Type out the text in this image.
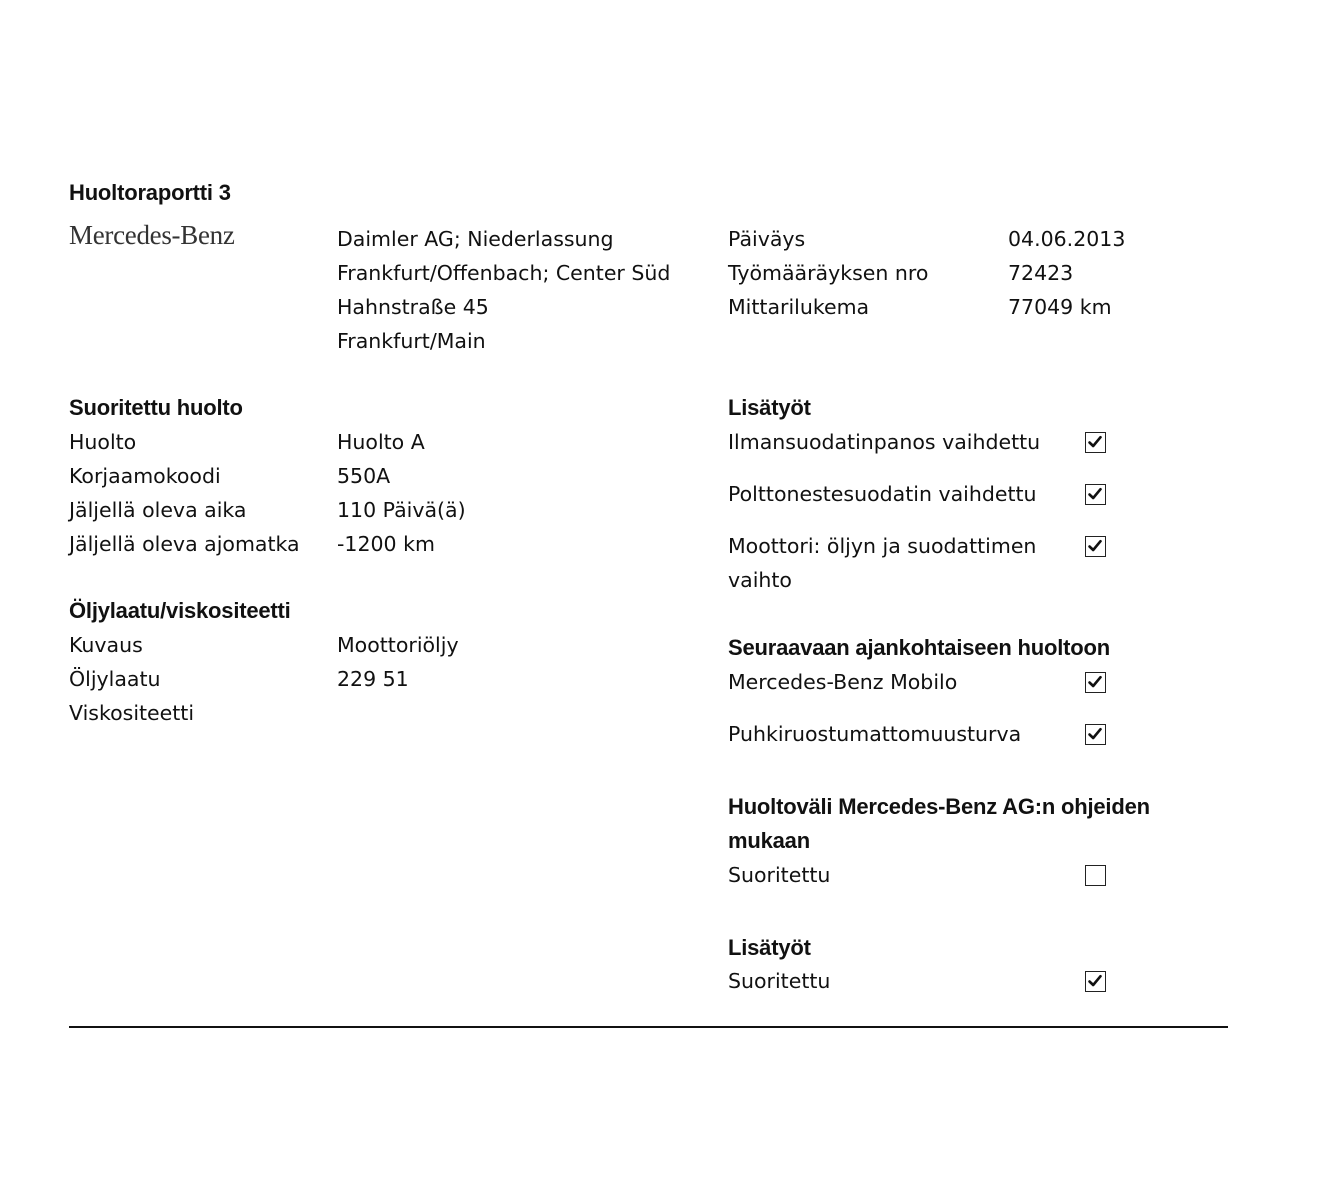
Huoltoraportti 3
Mercedes-Benz	Daimler AG; Niederlassung
Frankfurt/Offenbach; Center Süd
Hahnstraße 45
Frankfurt/Main
Päiväys
Työmääräyksen nro
Mittarilukema
04.06.2013
72423
77049 km
Suoritettu huolto
Huolto
Korjaamokoodi
Jäljellä oleva aika
Jäljellä oleva ajomatka
Huolto A
550A
110 Päivä(ä)
-1200 km
Öljylaatu/viskositeetti
Kuvaus
Öljylaatu
Viskositeetti
Moottoriöljy
229 51
Lisätyöt
Ilmansuodatinpanos vaihdettu
Polttonestesuodatin vaihdettu
Moottori: öljyn ja suodattimen
vaihto
Seuraavaan ajankohtaiseen huoltoon
Mercedes-Benz Mobilo
Puhkiruostumattomuusturva
Huoltoväli Mercedes-Benz AG:n ohjeiden
mukaan
Suoritettu
Lisätyöt
Suoritettu
